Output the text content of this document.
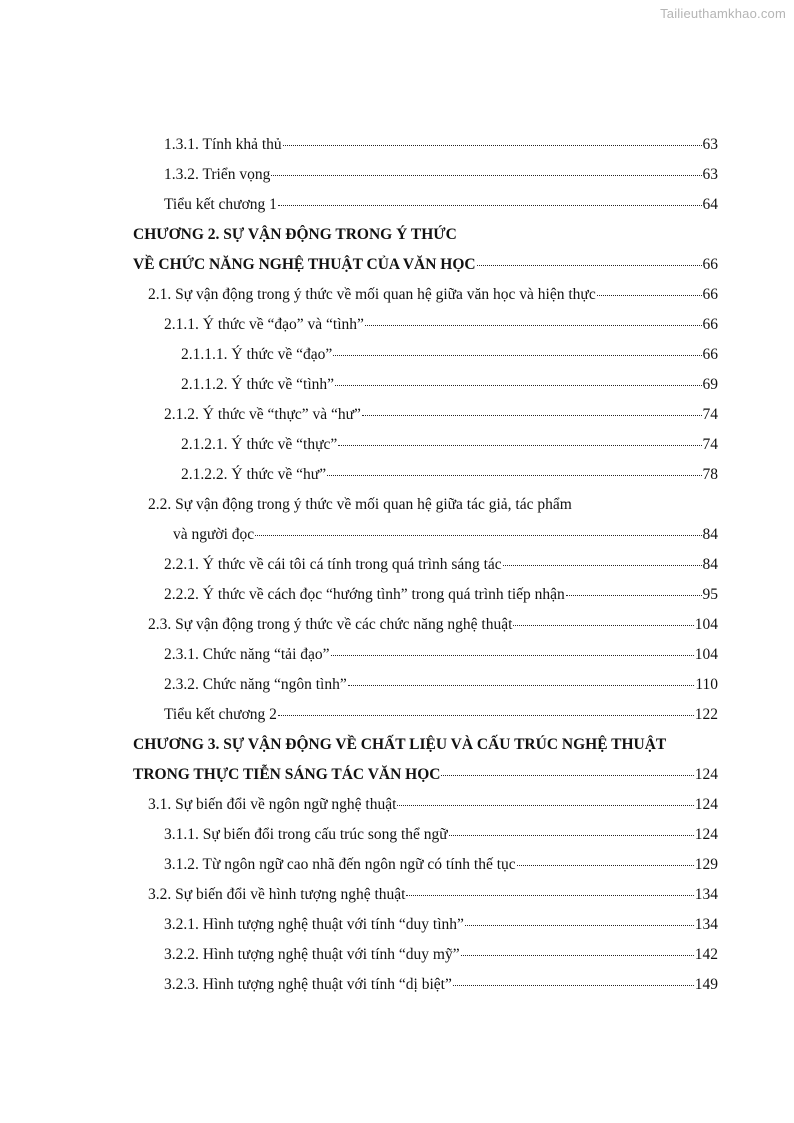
Tailieuthamkhao.com
1.3.1. Tính khả thủ	63
1.3.2. Triển vọng	63
Tiểu kết chương 1	64
CHƯƠNG 2. SỰ VẬN ĐỘNG TRONG Ý THỨC
VỀ CHỨC NĂNG NGHỆ THUẬT CỦA VĂN HỌC	66
2.1. Sự vận động trong ý thức về mối quan hệ giữa văn học và hiện thực	66
2.1.1. Ý thức về “đạo” và “tình”	66
2.1.1.1. Ý thức về “đạo”	66
2.1.1.2. Ý thức về “tình”	69
2.1.2. Ý thức về “thực” và “hư”	74
2.1.2.1. Ý thức về “thực”	74
2.1.2.2. Ý thức về “hư”	78
2.2. Sự vận động trong ý thức về mối quan hệ giữa tác giả, tác phẩm
và người đọc	84
2.2.1. Ý thức về cái tôi cá tính trong quá trình sáng tác	84
2.2.2. Ý thức về cách đọc “hướng tình” trong quá trình tiếp nhận	95
2.3. Sự vận động trong ý thức về các chức năng nghệ thuật	104
2.3.1. Chức năng “tải đạo”	104
2.3.2. Chức năng “ngôn tình”	110
Tiểu kết chương 2	122
CHƯƠNG 3. SỰ VẬN ĐỘNG VỀ CHẤT LIỆU VÀ CẤU TRÚC NGHỆ THUẬT
TRONG THỰC TIỄN SÁNG TÁC VĂN HỌC	124
3.1. Sự biến đổi về ngôn ngữ nghệ thuật	124
3.1.1. Sự biến đổi trong cấu trúc song thể ngữ	124
3.1.2. Từ ngôn ngữ cao nhã đến ngôn ngữ có tính thế tục	129
3.2. Sự biến đổi về hình tượng nghệ thuật	134
3.2.1. Hình tượng nghệ thuật với tính “duy tình”	134
3.2.2. Hình tượng nghệ thuật với tính “duy mỹ”	142
3.2.3. Hình tượng nghệ thuật với tính “dị biệt”	149
